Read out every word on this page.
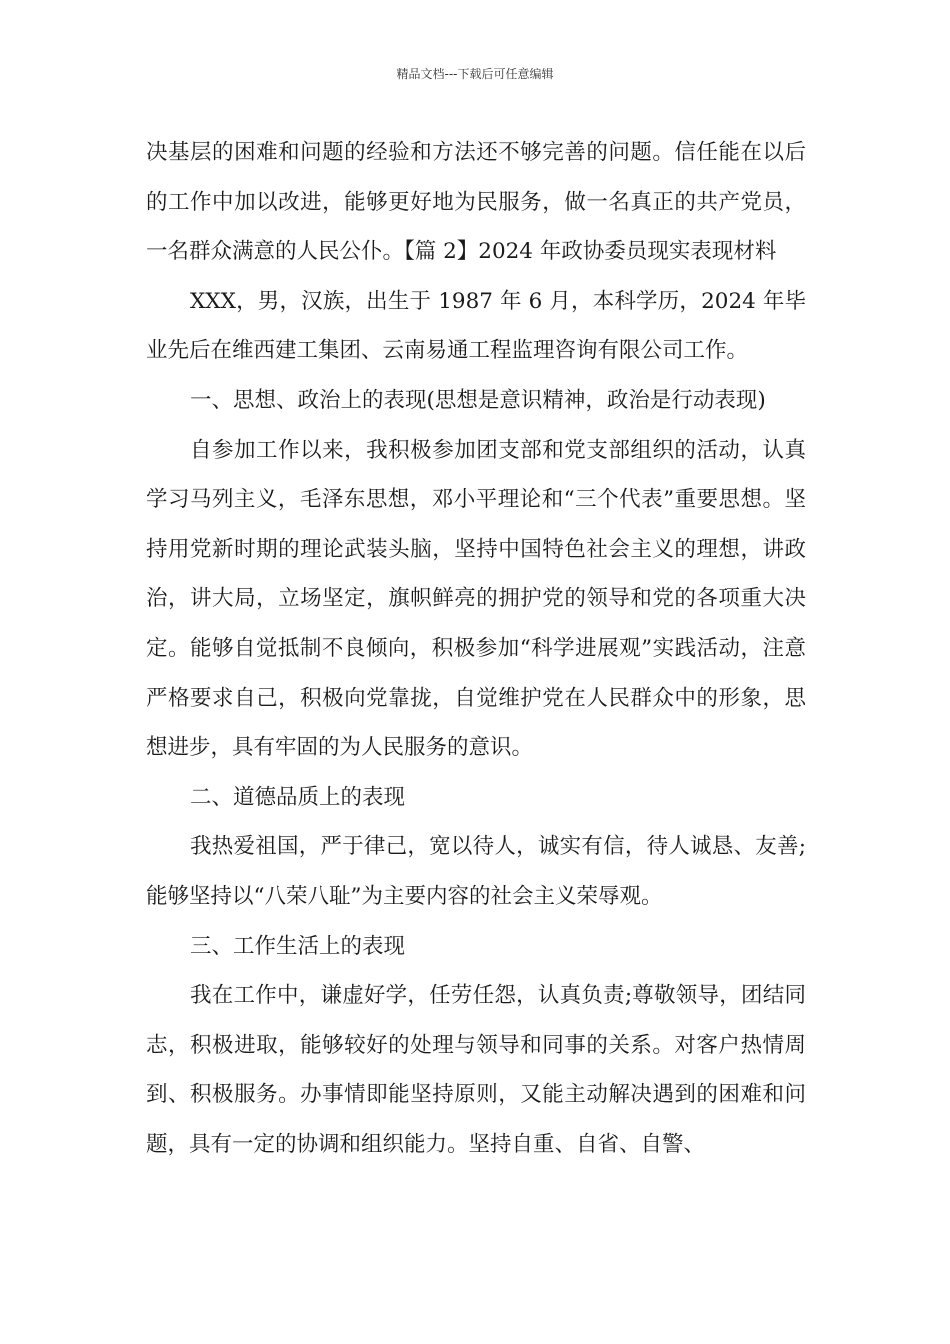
精品文档---下载后可任意编辑

决基层的困难和问题的经验和方法还不够完善的问题。信任能在以后的工作中加以改进，能够更好地为民服务，做一名真正的共产党员，一名群众满意的人民公仆。【篇 2】2024 年政协委员现实表现材料

XXX，男，汉族，出生于 1987 年 6 月，本科学历，2024 年毕业先后在维西建工集团、云南易通工程监理咨询有限公司工作。

一、思想、政治上的表现(思想是意识精神，政治是行动表现)

自参加工作以来，我积极参加团支部和党支部组织的活动，认真学习马列主义，毛泽东思想，邓小平理论和“三个代表”重要思想。坚持用党新时期的理论武装头脑，坚持中国特色社会主义的理想，讲政治，讲大局，立场坚定，旗帜鲜亮的拥护党的领导和党的各项重大决定。能够自觉抵制不良倾向，积极参加“科学进展观”实践活动，注意严格要求自己，积极向党靠拢，自觉维护党在人民群众中的形象，思想进步，具有牢固的为人民服务的意识。

二、道德品质上的表现

我热爱祖国，严于律己，宽以待人，诚实有信，待人诚恳、友善;能够坚持以“八荣八耻”为主要内容的社会主义荣辱观。

三、工作生活上的表现

我在工作中，谦虚好学，任劳任怨，认真负责;尊敬领导，团结同志，积极进取，能够较好的处理与领导和同事的关系。对客户热情周到、积极服务。办事情即能坚持原则，又能主动解决遇到的困难和问题，具有一定的协调和组织能力。坚持自重、自省、自警、
